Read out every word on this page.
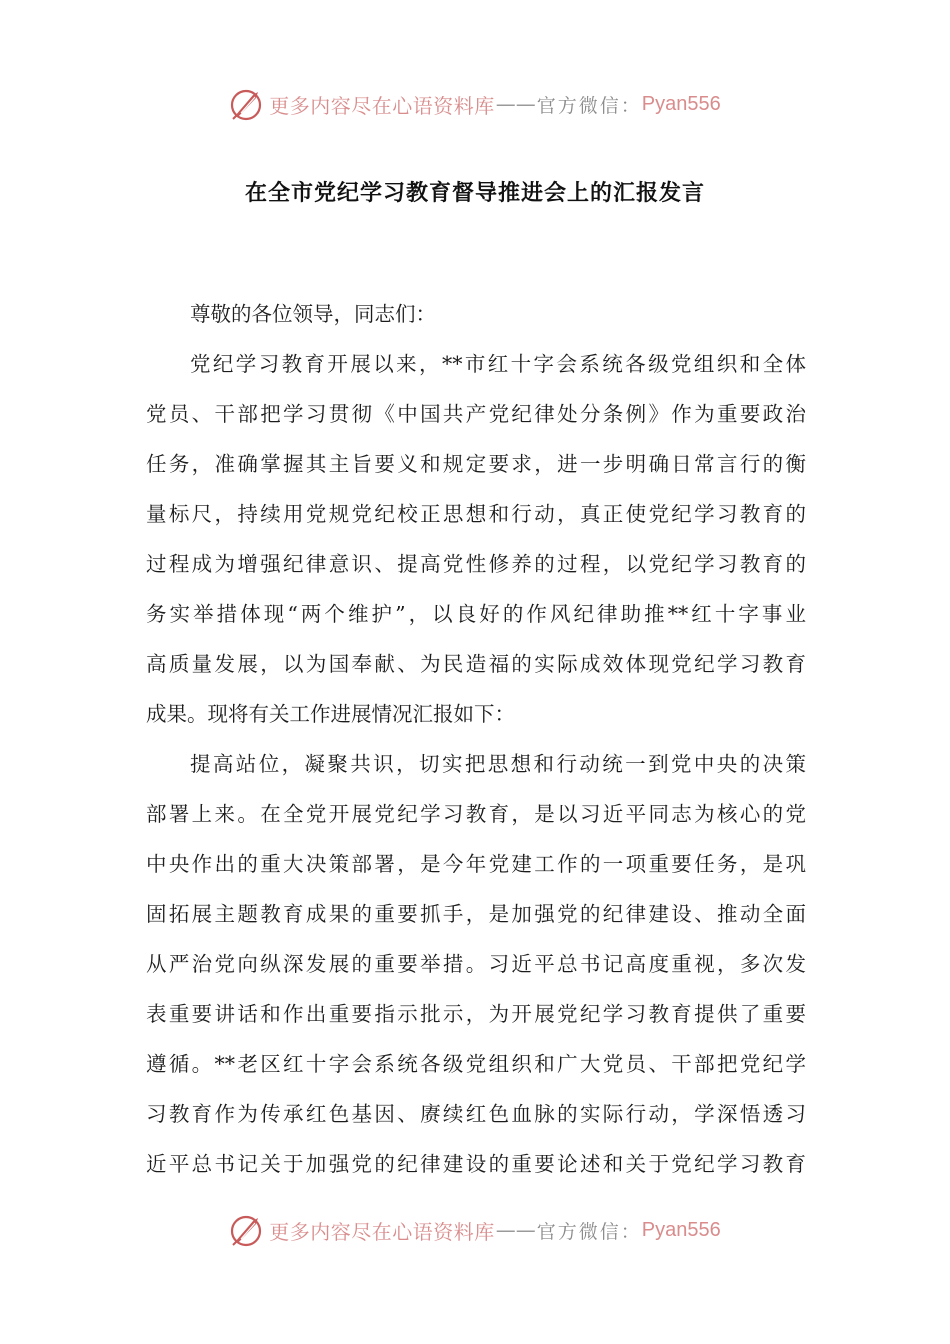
更多内容尽在心语资料库 —— 官方微信： Pyan556
在全市党纪学习教育督导推进会上的汇报发言
尊敬的各位领导，同志们：
党纪学习教育开展以来，**市红十字会系统各级党组织和全体
党员、干部把学习贯彻《中国共产党纪律处分条例》作为重要政治
任务，准确掌握其主旨要义和规定要求，进一步明确日常言行的衡
量标尺，持续用党规党纪校正思想和行动，真正使党纪学习教育的
过程成为增强纪律意识、提高党性修养的过程，以党纪学习教育的
务实举措体现“两个维护”，以良好的作风纪律助推**红十字事业
高质量发展，以为国奉献、为民造福的实际成效体现党纪学习教育
成果。现将有关工作进展情况汇报如下：
提高站位，凝聚共识，切实把思想和行动统一到党中央的决策
部署上来。在全党开展党纪学习教育，是以习近平同志为核心的党
中央作出的重大决策部署，是今年党建工作的一项重要任务，是巩
固拓展主题教育成果的重要抓手，是加强党的纪律建设、推动全面
从严治党向纵深发展的重要举措。习近平总书记高度重视，多次发
表重要讲话和作出重要指示批示，为开展党纪学习教育提供了重要
遵循。**老区红十字会系统各级党组织和广大党员、干部把党纪学
习教育作为传承红色基因、赓续红色血脉的实际行动，学深悟透习
近平总书记关于加强党的纪律建设的重要论述和关于党纪学习教育
更多内容尽在心语资料库 —— 官方微信： Pyan556
